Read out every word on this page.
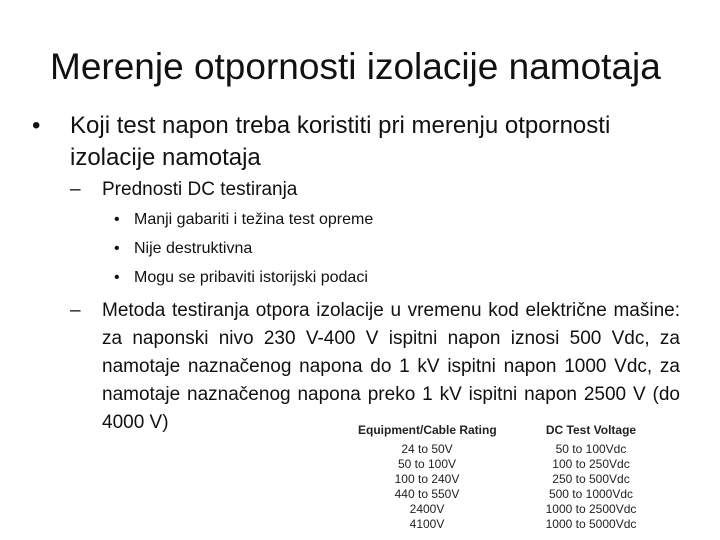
Merenje otpornosti izolacije namotaja
• Koji test napon treba koristiti pri merenju otpornosti izolacije namotaja
– Prednosti DC testiranja
• Manji gabariti i težina test opreme
• Nije destruktivna
• Mogu se pribaviti istorijski podaci
– Metoda testiranja otpora izolacije u vremenu kod električne mašine: za naponski nivo 230 V-400 V ispitni napon iznosi 500 Vdc, za namotaje naznačenog napona do 1 kV ispitni napon 1000 Vdc, za namotaje naznačenog napona preko 1 kV ispitni napon 2500 V (do 4000 V)	Equipment/Cable Rating	DC Test Voltage
24 to 50V	50 to 100Vdc
50 to 100V	100 to 250Vdc
100 to 240V	250 to 500Vdc
440 to 550V	500 to 1000Vdc
2400V	1000 to 2500Vdc
4100V	1000 to 5000Vdc
